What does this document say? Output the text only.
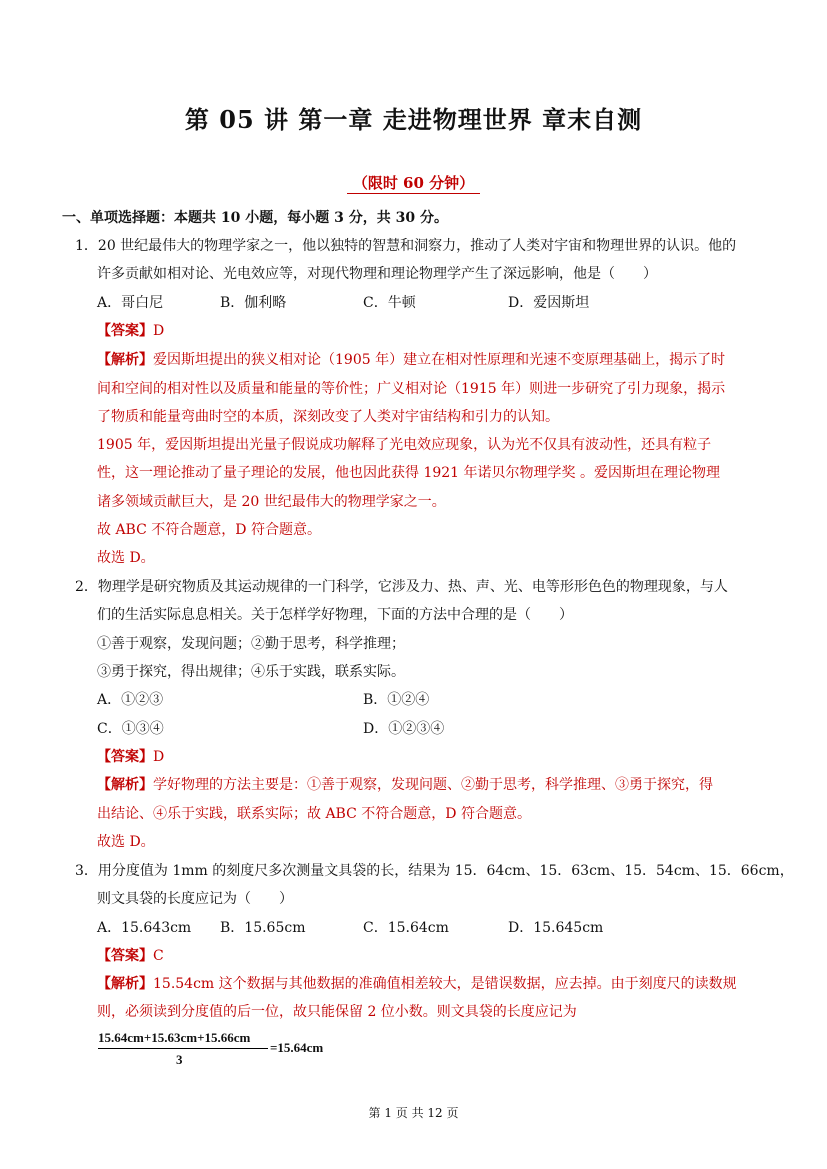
第 05 讲 第一章 走进物理世界 章末自测
（限时 60 分钟）
一、单项选择题：本题共 10 小题，每小题 3 分，共 30 分。
1．20 世纪最伟大的物理学家之一，他以独特的智慧和洞察力，推动了人类对宇宙和物理世界的认识。他的
许多贡献如相对论、光电效应等，对现代物理和理论物理学产生了深远影响，他是（　　）
A．哥白尼	B．伽利略	C．牛顿	D．爱因斯坦
【答案】D
【解析】爱因斯坦提出的狭义相对论（1905 年）建立在相对性原理和光速不变原理基础上，揭示了时
间和空间的相对性以及质量和能量的等价性；广义相对论（1915 年）则进一步研究了引力现象，揭示
了物质和能量弯曲时空的本质，深刻改变了人类对宇宙结构和引力的认知。
1905 年，爱因斯坦提出光量子假说成功解释了光电效应现象，认为光不仅具有波动性，还具有粒子
性，这一理论推动了量子理论的发展，他也因此获得 1921 年诺贝尔物理学奖 。爱因斯坦在理论物理
诸多领域贡献巨大，是 20 世纪最伟大的物理学家之一。
故 ABC 不符合题意，D 符合题意。
故选 D。
2．物理学是研究物质及其运动规律的一门科学，它涉及力、热、声、光、电等形形色色的物理现象，与人
们的生活实际息息相关。关于怎样学好物理，下面的方法中合理的是（　　）
①善于观察，发现问题；②勤于思考，科学推理；
③勇于探究，得出规律；④乐于实践，联系实际。
A．①②③	B．①②④
C．①③④	D．①②③④
【答案】D
【解析】学好物理的方法主要是：①善于观察，发现问题、②勤于思考，科学推理、③勇于探究，得
出结论、④乐于实践，联系实际；故 ABC 不符合题意，D 符合题意。
故选 D。
3．用分度值为 1mm 的刻度尺多次测量文具袋的长，结果为 15．64cm、15．63cm、15．54cm、15．66cm，
则文具袋的长度应记为（　　）
A．15.643cm B．15.65cm	C．15.64cm	D．15.645cm
【答案】C
【解析】15.54cm 这个数据与其他数据的准确值相差较大，是错误数据，应去掉。由于刻度尺的读数规
则，必须读到分度值的后一位，故只能保留 2 位小数。则文具袋的长度应记为
15.64cm+15.63cm+15.66cm
3
=15.64cm
第 1 页 共 12 页
